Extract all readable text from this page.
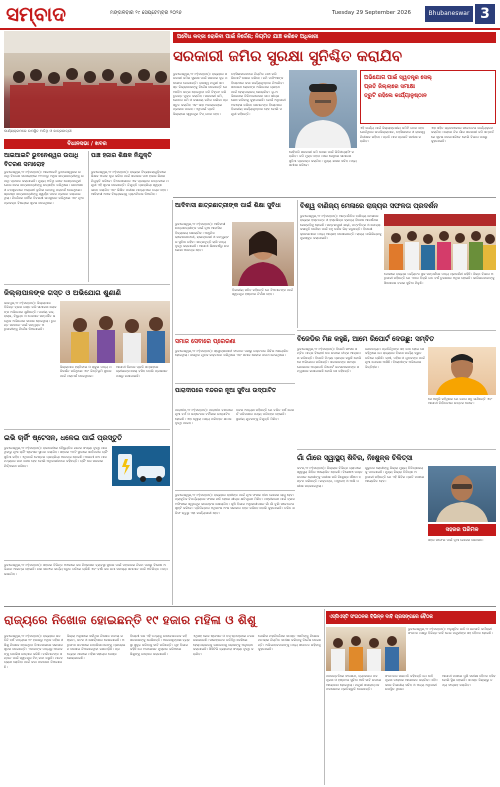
ସମ୍ବାଦ	ମଙ୍ଗଳବାର ୨୯ ସେପ୍ଟେମ୍ବର ୨୦୨୬	Tuesday 29 September 2026	Bhubaneswar 3
କାର୍ଯ୍ୟକ୍ରମରେ ଉପସ୍ଥିତ ଅତିଥି ଓ ଛାତ୍ରଛାତ୍ରୀ
ଅବୈଧ କବ୍ଜା ରୋକିବା ପାଇଁ ନିର୍ଦ୍ଦେଶ; ନିୟମିତ ଯାଞ୍ଚ କରିବେ ଅଧିକାରୀ
ସରକାରୀ ଜମିର ସୁରକ୍ଷା ସୁନିଶ୍ଚିତ କରାଯିବ

ଭୁବନେଶ୍ୱର,୨୮।୯(ସମ୍ବାଦ): ରାଜ୍ୟରେ ସରକାରୀ ଜମିର ସୁରକ୍ଷା ପାଇଁ ସରକାର ଦୃଢ ପଦକ୍ଷେପ ନେଇଛନ୍ତି। ରାଜସ୍ୱ ମନ୍ତ୍ରୀ ସମସ୍ତ ଜିଲ୍ଲାପାଳଙ୍କୁ ନିର୍ଦ୍ଦେଶ ଦେଇଛନ୍ତି ଯେ ଅବୈଧ କବ୍ଜା ହୋଇଥିବା ଜମି ଚିହ୍ନଟ କରି ତୁରନ୍ତ ମୁକ୍ତ କରାଯିବ। ସରକାରୀ ଜମି, ଗୋଚର ଜମି ଓ ଜଳାଶୟ ଜମିର ତାଲିକା ପ୍ରସ୍ତୁତ କରାଯିବ ଏବଂ ତାହା ଅନଲାଇନ୍‌ରେ ପ୍ରକାଶ ପାଇବ। ଏଥିପାଇଁ ପ୍ରତି ଜିଲ୍ଲାରେ ସ୍ୱତନ୍ତ୍ର ଟିମ୍ ଗଠନ ହେବ।

ତହସିଲଦାରମାନେ ନିୟମିତ ଯାଞ୍ଚ କରି ରିପୋର୍ଟ ଦାଖଲ କରିବେ। ଜମି ମାଫିଆଙ୍କ ବିରୋଧରେ କଡା କାର୍ଯ୍ୟାନୁଷ୍ଠାନ ନିଆଯିବ। ସାଧାରଣ ଲୋକଙ୍କ ଅଭିଯୋଗ ଗ୍ରହଣ ପାଇଁ ହେଲ୍ପଲାଇନ୍ ଖୋଲାଯିବ। ଭୂ-ଅଭିଲେଖର ଡିଜିଟାଇଜେସନ କାମ ଶୀଘ୍ର ଶେଷ କରିବାକୁ କୁହାଯାଇଛି। ଯେଉଁ ଅଧିକାରୀ ଅବହେଳା କରିବେ ସେମାନଙ୍କ ବିରୋଧରେ ବିଭାଗୀୟ କାର୍ଯ୍ୟାନୁଷ୍ଠାନ ହେବ ବୋଲି ମନ୍ତ୍ରୀ କହିଛନ୍ତି।

ସେହିପରି ସରକାରୀ ଜମି ଦଖଲ ପାଇଁ ଭିଡିଓଗ୍ରାଫି କରାଯିବ। ଜମି ମୁକ୍ତ ହେବା ପରେ ସେଥିରେ ସାଧାରଣ ସୁବିଧା ପ୍ରକଳ୍ପ କରାଯିବ। ମୁଖ୍ୟ ଶାସନ ସଚିବ ମଧ୍ୟ ସମୀକ୍ଷା କରିବେ।

ଅଭିଯୋଗ ପାଇଁ ସ୍ୱତନ୍ତ୍ର ସେଲ୍
ପ୍ରତି ଜିଲ୍ଲାରେ ସମୀକ୍ଷା
ତ୍ରୁଟି ରହିଲେ କାର୍ଯ୍ୟାନୁଷ୍ଠାନ

ଏହି କାର୍ଯ୍ୟ ପାଇଁ ଜିଲ୍ଲାସ୍ତରୀୟ କମିଟି ଗଠନ ହେବ ଯେଉଁଥିରେ ଉପଜିଲ୍ଲାପାଳ, ତହସିଲଦାର ଓ ରାଜସ୍ୱ ନିରୀକ୍ଷକ ରହିବେ। ପ୍ରତି ମାସ ପ୍ରଗତି ସମୀକ୍ଷା କରାଯିବ।

ଏହା ସହିତ ଗ୍ରାମାଞ୍ଚଳରେ ସଚେତନତା କାର୍ଯ୍ୟକ୍ରମ କରାଯିବ। ଲୋକେ ନିଜ ଗାଁର ସରକାରୀ ଜମି ସମ୍ପର୍କରେ ସୂଚନା ଦେଇପାରିବେ ବୋଲି ବିଭାଗ ପକ୍ଷରୁ କୁହାଯାଇଛି।

ବିଧାନସଭା / ଖବର
ଆଇଆଇଟି ଭୁବନେଶ୍ୱର ଉପାଧି ବିତରଣ ସମାରୋହ

ଭୁବନେଶ୍ୱର,୨୮।୯(ସମ୍ବାଦ): ଆଇଆଇଟି ଭୁବନେଶ୍ୱରର ଉପାଧି ବିତରଣ ସମାରୋହରେ ୧୨୦୦ରୁ ଅଧିକ ଛାତ୍ରଛାତ୍ରୀଙ୍କୁ ଉପାଧି ପ୍ରଦାନ କରାଯାଇଛି। ମୁଖ୍ୟ ଅତିଥି ଭାବେ କେନ୍ଦ୍ରମନ୍ତ୍ରୀ ଯୋଗ ଦେଇ ଛାତ୍ରଛାତ୍ରୀଙ୍କୁ ଉତ୍ସାହିତ କରିଥିଲେ। ଗବେଷଣା ଓ ନବସୃଜନରେ ଅଗ୍ରଣୀ ଭୂମିକା ନେବାକୁ ପରାମର୍ଶ ଦେଇଥିଲେ। ଶ୍ରେଷ୍ଠ ଛାତ୍ରଛାତ୍ରୀଙ୍କୁ ସ୍ୱର୍ଣ୍ଣ ପଦକ ପ୍ରଦାନ କରାଯାଇଥିଲା। ନିର୍ଦ୍ଦେଶକ ବାର୍ଷିକ ବିବରଣୀ ଉପସ୍ଥାପନ କରିଥିଲେ ଏବଂ ନୂଆ ପ୍ରକଳ୍ପ ବିଷୟରେ ସୂଚନା ଦେଇଥିଲେ।

ପାଞ୍ଚ ହଜାର ଶିକ୍ଷକ ନିଯୁକ୍ତି

ଭୁବନେଶ୍ୱର,୨୮।୯(ସମ୍ବାଦ): ରାଜ୍ୟର ବିଦ୍ୟାଳୟଗୁଡ଼ିକରେ ଶିକ୍ଷକ ଅଭାବ ଦୂର କରିବା ପାଇଁ ସରକାର ପାଞ୍ଚ ହଜାର ଶିକ୍ଷକ ନିଯୁକ୍ତି କରିବେ। ବିଧାନସଭାରେ ଏକ ପ୍ରଶ୍ନର ଉତ୍ତରରେ ମନ୍ତ୍ରୀ ଏହି ସୂଚନା ଦେଇଛନ୍ତି। ନିଯୁକ୍ତି ପ୍ରକ୍ରିୟା ସ୍ୱଚ୍ଛ ଭାବେ କରାଯିବ ଏବଂ ଲିଖିତ ପରୀକ୍ଷା ମାଧ୍ୟମରେ ଚୟନ ହେବ। ଆଦିବାସୀ ଅଞ୍ଚଳ ବିଦ୍ୟାଳୟକୁ ପ୍ରାଥମିକତା ଦିଆଯିବ।

ଜିଲ୍ଲାପାଳଙ୍କ ଗସ୍ତ ଓ ଅଭିଯୋଗ ଶୁଣାଣି

ଜାଜପୁର,୨୮।୯(ସମ୍ବାଦ): ଜିଲ୍ଲାପାଳ ବିଭିନ୍ନ ବ୍ଲକ ଗସ୍ତ କରି ସାଧାରଣ ଲୋକଙ୍କ ଅଭିଯୋଗ ଶୁଣିଛନ୍ତି। ପାନୀୟ ଜଳ, ରାସ୍ତା, ବିଦ୍ୟୁତ ଓ ପେନସନ ସମ୍ପର୍କିତ ଶତାଧିକ ଅଭିଯୋଗ ଦାଖଲ ହୋଇଥିଲା। ତୁରନ୍ତ ସମାଧାନ ପାଇଁ ସମ୍ପୃକ୍ତ ଅଧିକାରୀଙ୍କୁ ନିର୍ଦ୍ଦେଶ ଦିଆଯାଇଛି।

ଜିଲ୍ଲାପାଳ ହସ୍ପିଟାଲ ଓ ସ୍କୁଲ ମଧ୍ୟ ପରିଦର୍ଶନ କରିଥିଲେ ଏବଂ ଭିତ୍ତିଭୂମି ସୁଧାର ପାଇଁ ପରାମର୍ଶ ଦେଇଥିଲେ।

ଆଗାମୀ ଦିନରେ ପ୍ରତି ସପ୍ତାହରେ ଗ୍ରୀଭାନ୍ସ ସେଲ୍ ବସିବ ବୋଲି ପ୍ରଶାସନ ପକ୍ଷରୁ ଜଣାଯାଇଛି।

ଇଭି ଚାର୍ଜିଂ ଷ୍ଟେସନ, ଧଳେଇ ପାଇଁ ପ୍ରସ୍ତୁତି

ଭୁବନେଶ୍ୱର,୨୮।୯(ସମ୍ବାଦ): ରାଜଧାନୀରେ ବୈଦ୍ୟୁତିକ ଯାନର ସଂଖ୍ୟା ବୃଦ୍ଧି ପାଉଥିବାରୁ ନୂଆ ଚାର୍ଜିଂ ଷ୍ଟେସନ ସ୍ଥାପନ କରାଯିବ। ସହରର ୨୦ଟି ସ୍ଥାନରେ ସାର୍ବଜନୀନ ଚାର୍ଜିଂ ସୁବିଧା ରହିବ। ଏଥିପାଇଁ ଟେଣ୍ଡର ପ୍ରକ୍ରିୟା ଆରମ୍ଭ ହୋଇଛି। ଆଗାମୀ ଛଅ ମାସ ମଧ୍ୟରେ କାମ ଶେଷ ହେବ ବୋଲି ଅଧିକାରୀମାନେ କହିଛନ୍ତି। ଚାର୍ଜିଂ ଦର ସରକାର ନିର୍ଦ୍ଧାରଣ କରିବେ।

ଭୁବନେଶ୍ୱର,୨୮।୯(ସମ୍ବାଦ): ସହରର ବିଭିନ୍ନ ଅଞ୍ଚଳରେ ଜଳ ନିଷ୍କାସନ ବ୍ୟବସ୍ଥା ସୁଧାର ପାଇଁ ମହାନଗର ନିଗମ ପକ୍ଷରୁ ବିଶେଷ ଅଭିଯାନ ଆରମ୍ଭ ହୋଇଛି। ନାଳ ସଫେଇ କାର୍ଯ୍ୟ ଦ୍ରୁତ ଗତିରେ ଚାଲିଛି ଏବଂ ବର୍ଷା ଜଳ ଜମା ସମସ୍ୟା ସମାଧାନ ପାଇଁ ଅତିରିକ୍ତ ପମ୍ପ ଲଗାଯିବ।

ଆଦିବାସୀ ଛାତ୍ରଛାତ୍ରୀଙ୍କ ପାଇଁ ଶିକ୍ଷା ସୁବିଧା

ଭୁବନେଶ୍ୱର,୨୮।୯(ସମ୍ବାଦ): ଆଦିବାସୀ ଛାତ୍ରଛାତ୍ରୀଙ୍କ ପାଇଁ ନୂଆ ଆବାସିକ ବିଦ୍ୟାଳୟ ଖୋଲାଯିବ। ଆଧୁନିକ ଲାବୋରେଟୋରୀ, ଲାଇବ୍ରେରୀ ଓ କମ୍ପ୍ୟୁଟର ସୁବିଧା ରହିବ। ଛାତ୍ରବୃତ୍ତି ରାଶି ମଧ୍ୟ ବୃଦ୍ଧି କରାଯାଇଛି। ଆଗାମୀ ଶିକ୍ଷାବର୍ଷରୁ ନାମଲେଖା ଆରମ୍ଭ ହେବ।

ବିଭାଗୀୟ ସଚିବ କହିଛନ୍ତି ଯେ ଝିଅମାନଙ୍କ ପାଇଁ ସ୍ୱତନ୍ତ୍ର ହଷ୍ଟେଲ ନିର୍ମାଣ ହେବ।

ସମାଜ ସେବାରେ ପ୍ରେରଣା

ଭୁବନେଶ୍ୱର,୨୮।୯(ସମ୍ବାଦ): ସ୍ୱେଚ୍ଛାସେବୀ ସଂଗଠନ ପକ୍ଷରୁ ରକ୍ତଦାନ ଶିବିର ଆୟୋଜିତ ହୋଇଥିଲା। ଶତାଧିକ ଯୁବକ ରକ୍ତଦାନ କରିଥିଲେ ଏବଂ ସମାଜ ସେବାର ଶପଥ ନେଇଥିଲେ।

ବିଶ୍ୱ ବାଣିଜ୍ୟ ମେଳାରେ ରାଜ୍ୟର ସଫଳତା ପ୍ରଦର୍ଶନ

ଭୁବନେଶ୍ୱର,୨୮।୯(ସମ୍ବାଦ): ଆନ୍ତର୍ଜାତିକ ବାଣିଜ୍ୟ ମେଳାରେ ରାଜ୍ୟର ହସ୍ତତନ୍ତ ଓ ହସ୍ତଶିଳ୍ପ ଦ୍ରବ୍ୟ ବିଶେଷ ଆକର୍ଷଣର କେନ୍ଦ୍ରବିନ୍ଦୁ ହୋଇଛି। ସମ୍ବଲପୁରୀ ଶାଢ଼ୀ, ପଟ୍ଟଚିତ୍ର ଓ ଡୋକ୍ରା କଳାକୃତି ଦେଖିବା ପାଇଁ ବହୁ ଦର୍ଶକ ଭିଡ଼ କରୁଛନ୍ତି। ବିଦେଶୀ କ୍ରେତାମାନେ ମଧ୍ୟ ଆଗ୍ରହ ଦେଖାଇଛନ୍ତି। ରାଜ୍ୟ ପାଭିଲିୟନକୁ ପୁରସ୍କୃତ କରାଯାଇଛି।

ମେଳାରେ ରାଜ୍ୟର ପର୍ଯ୍ୟଟନ ସ୍ଥଳ ସମ୍ପର୍କରେ ମଧ୍ୟ ପ୍ରଦର୍ଶନୀ ରହିଛି। ଶିଳ୍ପ ବିଭାଗ ଅଧିକାରୀ କହିଛନ୍ତି ଯେ ଏଥର ବିକ୍ରି ଗତ ବର୍ଷ ତୁଳନାରେ ଅଧିକ ହୋଇଛି। କାରିଗରମାନଙ୍କୁ ସିଧାସଳଖ ବଜାର ସୁବିଧା ମିଳୁଛି।

ବିଜେଡିର ମିଛ କହୁଛି, ଆମେ ରିପୋର୍ଟ ଦେଉଛୁ: ସମ୍ବିତ

ଭୁବନେଶ୍ୱର,୨୮।୯(ସମ୍ବାଦ): ବିଜେପି ସାଂସଦ ସମ୍ବିତ ପାତ୍ର ବିରୋଧୀ ଦଳ ଉପରେ ତୀବ୍ର ଆକ୍ରମଣ କରିଛନ୍ତି। ବିଜେଡି ମିଥ୍ୟା ପ୍ରଚାର କରୁଛି ବୋଲି ସେ ଅଭିଯୋଗ କରିଛନ୍ତି। ସରକାରଙ୍କ ସମସ୍ତ ଯୋଜନାର ଅଗ୍ରଗତି ରିପୋର୍ଟ ଜନସାଧାରଣଙ୍କ ସମ୍ମୁଖରେ ରଖାଯାଉଛି ବୋଲି ସେ କହିଛନ୍ତି।

ଗଣମାଧ୍ୟମ ପ୍ରତିନିଧିଙ୍କ ସହ କଥା ହୋଇ ସେ କହିଥିଲେ ଯେ ରାଜ୍ୟରେ ବିକାଶ କାର୍ଯ୍ୟ ଦ୍ରୁତ ଗତିରେ ଚାଲିଛି। ଚାଷୀ, ମହିଳା ଓ ଯୁବକଙ୍କ ପାଇଁ ନୂଆ ଯୋଜନା ଆସିଛି। ବିରୋଧୀଙ୍କ ଅଭିଯୋଗ ଭିତ୍ତିହୀନ।

ସେ ଆହୁରି କହିଥିଲେ ଯେ ଜନତା ସବୁ ଜାଣିଛନ୍ତି ଏବଂ ଆଗାମୀ ନିର୍ବାଚନରେ ଉତ୍ତର ଦେବେ।

ପାରାଦୀପରେ ବନ୍ଦରର ନୂଆ ସୁବିଧା ଉଦ୍‌ଘାଟିତ

ପାରାଦୀପ,୨୮।୯(ସମ୍ବାଦ): ପାରାଦୀପ ବନ୍ଦରରେ ନୂଆ ବର୍ଥ ଓ କଣ୍ଟେନର ଟର୍ମିନାଲ ଉଦ୍‌ଘାଟିତ ହୋଇଛି। ଏହା ଦ୍ୱାରା ପଣ୍ୟ ପରିବହନ କ୍ଷମତା ବୃଦ୍ଧି ପାଇବ।

ବନ୍ଦର ଅଧ୍ୟକ୍ଷ କହିଛନ୍ତି ଯେ ଚଳିତ ବର୍ଷ ରେକର୍ଡ ପରିମାଣର ପଣ୍ୟ ପରିବହନ ହୋଇଛି। ସ୍ଥାନୀୟ ଯୁବକଙ୍କୁ ନିଯୁକ୍ତି ମିଳିବ।

ଗାଁ ଗାଁରେ ସ୍ୱାସ୍ଥ୍ୟ ଶିବିର, ନିଃଶୁଳ୍କ ଚିକିତ୍ସା

କଟକ,୨୮।୯(ସମ୍ବାଦ): ଜିଲ୍ଲାର ବିଭିନ୍ନ ଗ୍ରାମରେ ସ୍ୱାସ୍ଥ୍ୟ ଶିବିର ଆୟୋଜିତ ହୋଇଛି। ବିଶେଷଜ୍ଞ ଡାକ୍ତରମାନେ ରୋଗୀଙ୍କୁ ପରୀକ୍ଷା କରି ନିଃଶୁଳ୍କ ଔଷଧ ବଣ୍ଟନ କରିଛନ୍ତି। ରକ୍ତଚାପ, ମଧୁମେହ ଓ ଆଖି ପରୀକ୍ଷା କରାଯାଇଥିଲା।

ଗୁରୁତର ରୋଗୀଙ୍କୁ ଜିଲ୍ଲା ମୁଖ୍ୟ ଚିକିତ୍ସାଳୟକୁ ପଠାଯାଇଛି। ମୁଖ୍ୟ ଜିଲ୍ଲା ଚିକିତ୍ସା ଅଧିକାରୀ କହିଛନ୍ତି ଯେ ଏହି ଶିବିର ପ୍ରତି ମାସରେ ଆୟୋଜିତ ହେବ।

ସହରର ପରିମଳ

ସହର ସଫେଇ ପାଇଁ ନୂଆ ଯୋଜନା ଘୋଷଣା।

ଭୁବନେଶ୍ୱର,୨୮।୯(ସମ୍ବାଦ): ରାଜ୍ୟରେ ଚାଷୀଙ୍କ ପାଇଁ ନୂଆ ଫସଲ ବୀମା ଯୋଜନା ଲାଗୁ ହେବ। ପ୍ରାକୃତିକ ବିପର୍ଯ୍ୟୟରେ ଫସଲ କ୍ଷତି ହେଲେ ଶୀଘ୍ର କ୍ଷତିପୂରଣ ମିଳିବ। ପଞ୍ଜୀକରଣ ପାଇଁ ବ୍ଲକ ଅଫିସରେ ସ୍ୱତନ୍ତ୍ର କାଉଣ୍ଟର ଖୋଲାଯିବ। କୃଷି ବିଭାଗ ଅଧିକାରୀମାନେ ଗାଁ ଗାଁ ବୁଲି ସଚେତନତା ସୃଷ୍ଟି କରିବେ। ପ୍ରିମିୟମର ଅଧିକାଂଶ ଅଂଶ ସରକାର ବହନ କରିବେ ବୋଲି କୁହାଯାଇଛି। ଚଳିତ ଖରିଫ ଋତୁରୁ ଏହା କାର୍ଯ୍ୟକାରୀ ହେବ।

ରାଜ୍ୟରେ ନିଖୋଜ ହୋଇଛନ୍ତି ୧୯ ହଜାର ମହିଳା ଓ ଶିଶୁ	ଏସ୍‌ସିଏସ୍‌ଟି ସଂଗଠନର ବିଭିନ୍ନ ଦାବି ପ୍ରସଙ୍ଗରେ ବୈଠକ

ଭୁବନେଶ୍ୱର,୨୮।୯(ସମ୍ବାଦ): ରାଜ୍ୟରେ ଗତ ତିନି ବର୍ଷ ମଧ୍ୟରେ ୧୯ ହଜାରରୁ ଅଧିକ ମହିଳା ଓ ଶିଶୁ ନିଖୋଜ ହୋଇଥିବା ବିଧାନସଭାରେ ସରକାର ସୂଚନା ଦେଇଛନ୍ତି। ଏମାନଙ୍କ ମଧ୍ୟରୁ ଅନେକଙ୍କୁ ପୋଲିସ ଉଦ୍ଧାର କରିଛି। ବାକିମାନଙ୍କ ସନ୍ଧାନ ପାଇଁ ସ୍ୱତନ୍ତ୍ର ଟିମ୍ କାମ କରୁଛି। ମାନବ ଚାଲାଣ ରୋକିବା ପାଇଁ କଡା ପଦକ୍ଷେପ ନିଆଯାଉଛି।

ଜିଲ୍ଲା ଅନୁସାରେ ସର୍ବାଧିକ ନିଖୋଜ ମାମଲା ଗଞ୍ଜାମ, କଟକ ଓ ଖୋର୍ଦ୍ଧାରେ ଦେଖାଯାଇଛି। ଅଧିକାଂଶ ଘଟଣାରେ ନାବାଳିକାମାନଙ୍କୁ ପ୍ରଲୋଭନ ଦେଖାଇ ନିଆଯାଇଥିବା ଜଣାପଡ଼ିଛି। ପ୍ରତ୍ୟେକ ଥାନାରେ ମହିଳା ସହାୟତା ଡେସ୍କ ଖୋଲାଯାଇଛି।

ବିରୋଧୀ ଦଳ ଏହି ତଥ୍ୟକୁ ଉଦବେଗଜନକ କହି ସରକାରଙ୍କୁ ଘେରିଛନ୍ତି। ଆଇନଶୃଙ୍ଖଳା ବ୍ୟବସ୍ଥା ସୁଦୃଢ କରିବାକୁ ଦାବି କରିଛନ୍ତି। ଗୃହ ବିଭାଗ କହିଛି ଯେ ଅପରେସନ ମୁସ୍କାନ ଜରିଆରେ ଶିଶୁଙ୍କୁ ଉଦ୍ଧାର କରାଯାଉଛି।

ଏଥିସହ ରେଳ ଷ୍ଟେସନ ଓ ବସ୍ ଷ୍ଟାଣ୍ଡରେ ନଜର ରଖାଯାଉଛି। ସନ୍ଦେହଜନକ ଗତିବିଧି ଦେଖିଲେ ହେଲ୍ପଲାଇନକୁ ଜଣାଇବାକୁ ଲୋକଙ୍କୁ ଅନୁରୋଧ କରାଯାଇଛି। ସିସିଟିଭି କ୍ୟାମେରା ସଂଖ୍ୟା ବୃଦ୍ଧି କରାଯିବ।

ପୋଲିସ ମହାନିର୍ଦ୍ଦେଶକ ସମସ୍ତ ଏସପିଙ୍କୁ ନିଖୋଜ ମାମଲାର ନିୟମିତ ସମୀକ୍ଷା କରିବାକୁ ନିର୍ଦ୍ଦେଶ ଦେଇଛନ୍ତି। ଅଭିଭାବକମାନଙ୍କୁ ମଧ୍ୟ ସଚେତନ ରହିବାକୁ କୁହାଯାଇଛି।

ଭୁବନେଶ୍ୱର,୨୮।୯(ସମ୍ବାଦ): ଅନୁସୂଚିତ ଜାତି ଓ ଜନଜାତି କର୍ମଚାରୀ ସଂଗଠନ ପକ୍ଷରୁ ବିଭିନ୍ନ ଦାବି ନେଇ ମନ୍ତ୍ରୀଙ୍କ ସହ ବୈଠକ ହୋଇଛି।

ପଦୋନ୍ନତିରେ ସଂରକ୍ଷଣ, ବ୍ୟାକଲଗ ପଦପୂରଣ ଓ ହଷ୍ଟେଲ ସୁବିଧା ଆଦି ଦାବି ଉପରେ ଆଲୋଚନା ହୋଇଥିଲା। ମନ୍ତ୍ରୀ ସକାରାତ୍ମକ ପଦକ୍ଷେପର ପ୍ରତିଶ୍ରୁତି ଦେଇଛନ୍ତି।

ସଂଗଠନର ସଭାପତି କହିଛନ୍ତି ଯେ ଦାବି ପୂରଣ ନହେଲେ ଆନ୍ଦୋଳନ କରାଯିବ। ବୈଠକରେ ବିଭାଗୀୟ ସଚିବ ଓ ଅନ୍ୟ ଅଧିକାରୀ ଉପସ୍ଥିତ ଥିଲେ।

ଆଗାମୀ ମାସରେ ପୁଣି ସମୀକ୍ଷା ବୈଠକ ବସିବ ବୋଲି ସ୍ଥିର ହୋଇଛି। ସମସ୍ତ ଜିଲ୍ଲାରୁ ତଥ୍ୟ ସଂଗ୍ରହ କରାଯିବ।
